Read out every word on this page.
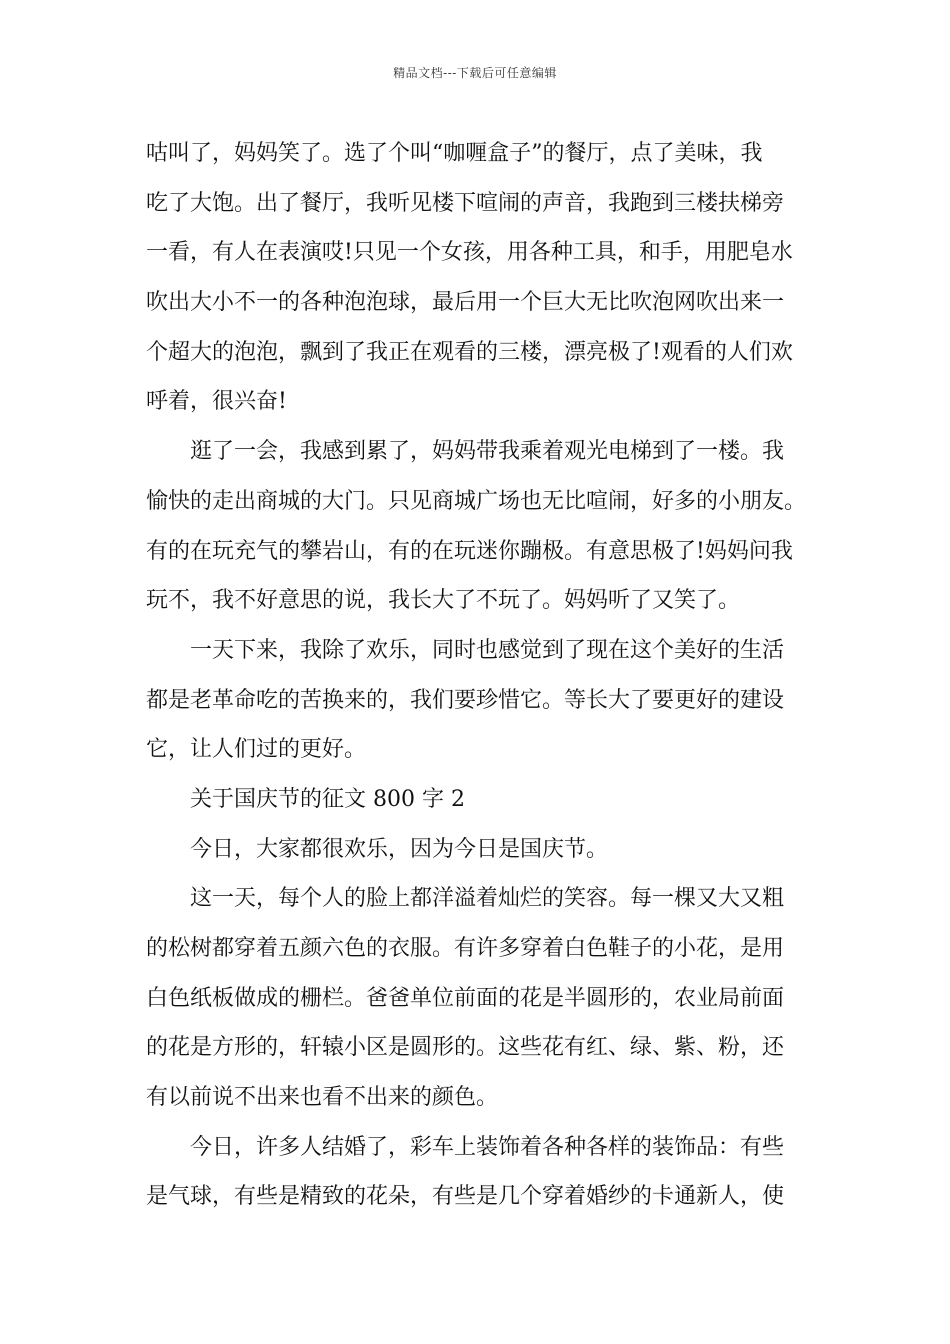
精品文档---下载后可任意编辑
咕叫了，妈妈笑了。选了个叫“咖喱盒子”的餐厅，点了美味，我
吃了大饱。出了餐厅，我听见楼下喧闹的声音，我跑到三楼扶梯旁
一看，有人在表演哎!只见一个女孩，用各种工具，和手，用肥皂水
吹出大小不一的各种泡泡球，最后用一个巨大无比吹泡网吹出来一
个超大的泡泡，飘到了我正在观看的三楼，漂亮极了!观看的人们欢
呼着，很兴奋!
逛了一会，我感到累了，妈妈带我乘着观光电梯到了一楼。我
愉快的走出商城的大门。只见商城广场也无比喧闹，好多的小朋友。
有的在玩充气的攀岩山，有的在玩迷你蹦极。有意思极了!妈妈问我
玩不，我不好意思的说，我长大了不玩了。妈妈听了又笑了。
一天下来，我除了欢乐，同时也感觉到了现在这个美好的生活
都是老革命吃的苦换来的，我们要珍惜它。等长大了要更好的建设
它，让人们过的更好。
关于国庆节的征文 800 字 2
今日，大家都很欢乐，因为今日是国庆节。
这一天，每个人的脸上都洋溢着灿烂的笑容。每一棵又大又粗
的松树都穿着五颜六色的衣服。有许多穿着白色鞋子的小花，是用
白色纸板做成的栅栏。爸爸单位前面的花是半圆形的，农业局前面
的花是方形的，轩辕小区是圆形的。这些花有红、绿、紫、粉，还
有以前说不出来也看不出来的颜色。
今日，许多人结婚了，彩车上装饰着各种各样的装饰品：有些
是气球，有些是精致的花朵，有些是几个穿着婚纱的卡通新人，使
